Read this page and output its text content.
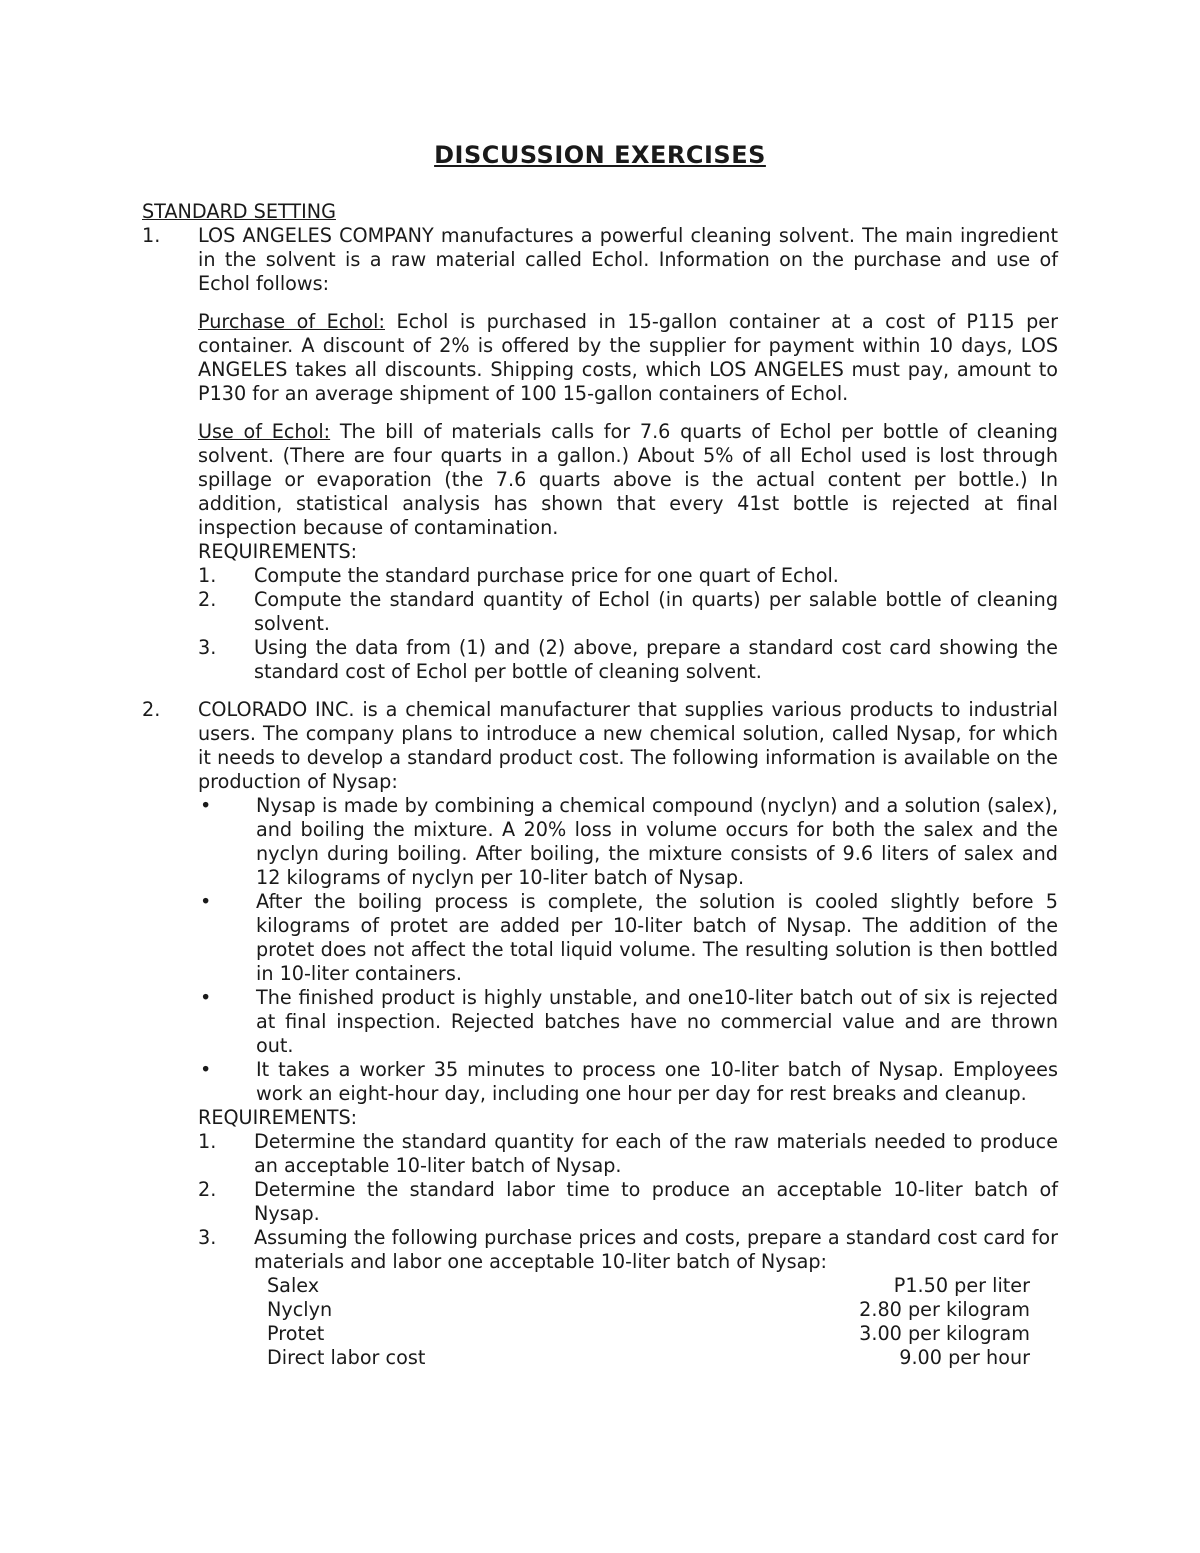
DISCUSSION EXERCISES
STANDARD SETTING
1.	LOS ANGELES COMPANY manufactures a powerful cleaning solvent. The main ingredient in the solvent is a raw material called Echol. Information on the purchase and use of Echol follows:

Purchase of Echol: Echol is purchased in 15-gallon container at a cost of P115 per container. A discount of 2% is offered by the supplier for payment within 10 days, LOS ANGELES takes all discounts. Shipping costs, which LOS ANGELES must pay, amount to P130 for an average shipment of 100 15-gallon containers of Echol.

Use of Echol: The bill of materials calls for 7.6 quarts of Echol per bottle of cleaning solvent. (There are four quarts in a gallon.) About 5% of all Echol used is lost through spillage or evaporation (the 7.6 quarts above is the actual content per bottle.) In addition, statistical analysis has shown that every 41st bottle is rejected at final inspection because of contamination.

REQUIREMENTS:
1.	Compute the standard purchase price for one quart of Echol.
2.	Compute the standard quantity of Echol (in quarts) per salable bottle of cleaning solvent.
3.	Using the data from (1) and (2) above, prepare a standard cost card showing the standard cost of Echol per bottle of cleaning solvent.
2.	COLORADO INC. is a chemical manufacturer that supplies various products to industrial users. The company plans to introduce a new chemical solution, called Nysap, for which it needs to develop a standard product cost. The following information is available on the production of Nysap:

•	Nysap is made by combining a chemical compound (nyclyn) and a solution (salex), and boiling the mixture. A 20% loss in volume occurs for both the salex and the nyclyn during boiling. After boiling, the mixture consists of 9.6 liters of salex and 12 kilograms of nyclyn per 10-liter batch of Nysap.
•	After the boiling process is complete, the solution is cooled slightly before 5 kilograms of protet are added per 10-liter batch of Nysap. The addition of the protet does not affect the total liquid volume. The resulting solution is then bottled in 10-liter containers.
•	The finished product is highly unstable, and one10-liter batch out of six is rejected at final inspection. Rejected batches have no commercial value and are thrown out.
•	It takes a worker 35 minutes to process one 10-liter batch of Nysap. Employees work an eight-hour day, including one hour per day for rest breaks and cleanup.
REQUIREMENTS:
1.	Determine the standard quantity for each of the raw materials needed to produce an acceptable 10-liter batch of Nysap.
2.	Determine the standard labor time to produce an acceptable 10-liter batch of Nysap.
3.	Assuming the following purchase prices and costs, prepare a standard cost card for materials and labor one acceptable 10-liter batch of Nysap:
Salex	P1.50 per liter
Nyclyn	2.80 per kilogram
Protet	3.00 per kilogram
Direct labor cost	9.00 per hour
